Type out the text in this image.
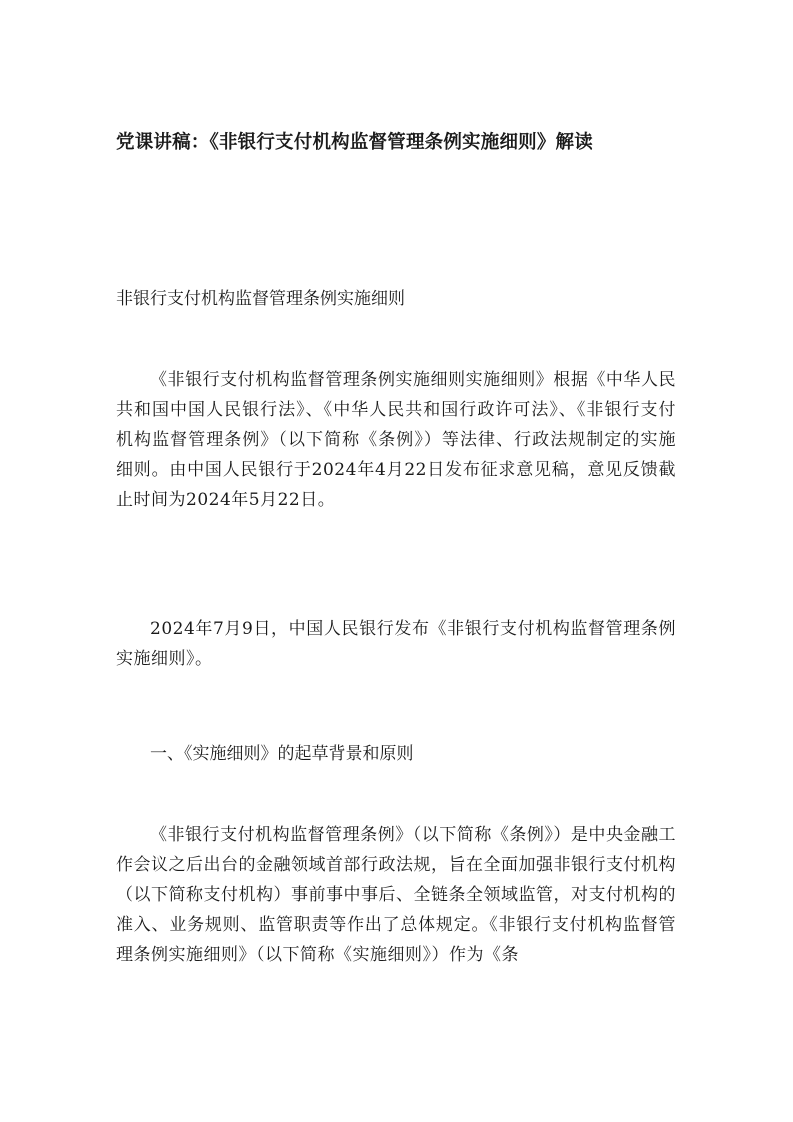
党课讲稿：《非银行支付机构监督管理条例实施细则》解读

非银行支付机构监督管理条例实施细则

《非银行支付机构监督管理条例实施细则实施细则》根据《中华人民共和国中国人民银行法》、《中华人民共和国行政许可法》、《非银行支付机构监督管理条例》（以下简称《条例》）等法律、行政法规制定的实施细则。由中国人民银行于2024年4月22日发布征求意见稿，意见反馈截止时间为2024年5月22日。

2024年7月9日，中国人民银行发布《非银行支付机构监督管理条例实施细则》。

一、《实施细则》的起草背景和原则

《非银行支付机构监督管理条例》（以下简称《条例》）是中央金融工作会议之后出台的金融领域首部行政法规，旨在全面加强非银行支付机构（以下简称支付机构）事前事中事后、全链条全领域监管，对支付机构的准入、业务规则、监管职责等作出了总体规定。《非银行支付机构监督管理条例实施细则》（以下简称《实施细则》）作为《条
